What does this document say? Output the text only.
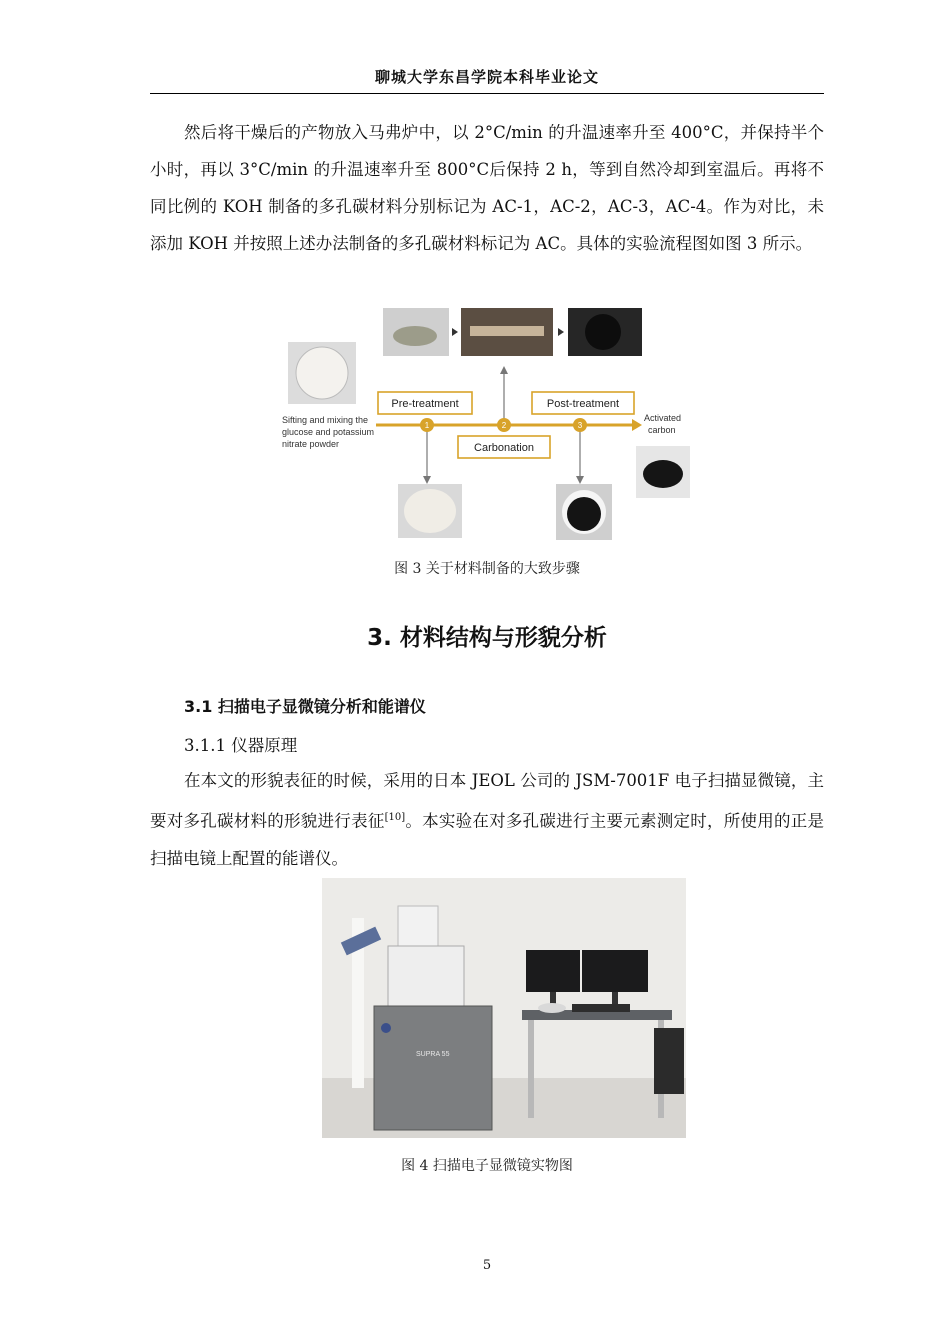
聊城大学东昌学院本科毕业论文

然后将干燥后的产物放入马弗炉中，以 2°C/min 的升温速率升至 400°C，并保持半个小时，再以 3°C/min 的升温速率升至 800°C后保持 2 h，等到自然冷却到室温后。再将不同比例的 KOH 制备的多孔碳材料分别标记为 AC-1，AC-2，AC-3，AC-4。作为对比，未添加 KOH 并按照上述办法制备的多孔碳材料标记为 AC。具体的实验流程图如图 3 所示。

Sifting and mixing the
glucose and potassium
nitrate powder
Pre-treatment
Carbonation
Post-treatment
1	2	3
Activated
carbon
图 3 关于材料制备的大致步骤
3. 材料结构与形貌分析
3.1 扫描电子显微镜分析和能谱仪
3.1.1 仪器原理

在本文的形貌表征的时候，采用的日本 JEOL 公司的 JSM-7001F 电子扫描显微镜，主要对多孔碳材料的形貌进行表征[10]。本实验在对多孔碳进行主要元素测定时，所使用的正是扫描电镜上配置的能谱仪。

SUPRA 55
图 4 扫描电子显微镜实物图
5
